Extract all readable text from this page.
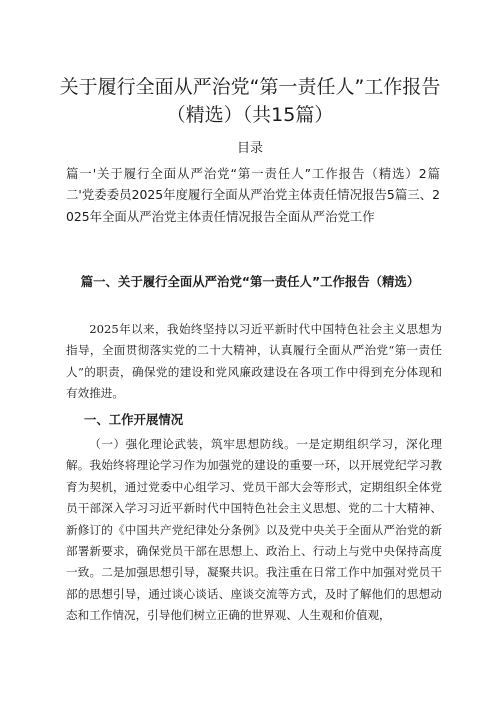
关于履行全面从严治党“第一责任人”工作报告
（精选）（共15篇）
目录

篇一'关于履行全面从严治党“第一责任人”工作报告（精选）2篇二'党委委员2025年度履行全面从严治党主体责任情况报告5篇三、2025年全面从严治党主体责任情况报告全面从严治党工作

篇一、关于履行全面从严治党“第一责任人”工作报告（精选）

2025年以来，我始终坚持以习近平新时代中国特色社会主义思想为指导，全面贯彻落实党的二十大精神，认真履行全面从严治党“第一责任人”的职责，确保党的建设和党风廉政建设在各项工作中得到充分体现和有效推进。

一、工作开展情况

（一）强化理论武装，筑牢思想防线。一是定期组织学习，深化理解。我始终将理论学习作为加强党的建设的重要一环，以开展党纪学习教育为契机，通过党委中心组学习、党员干部大会等形式，定期组织全体党员干部深入学习习近平新时代中国特色社会主义思想、党的二十大精神、新修订的《中国共产党纪律处分条例》以及党中央关于全面从严治党的新部署新要求，确保党员干部在思想上、政治上、行动上与党中央保持高度一致。二是加强思想引导，凝聚共识。我注重在日常工作中加强对党员干部的思想引导，通过谈心谈话、座谈交流等方式，及时了解他们的思想动态和工作情况，引导他们树立正确的世界观、人生观和价值观，
